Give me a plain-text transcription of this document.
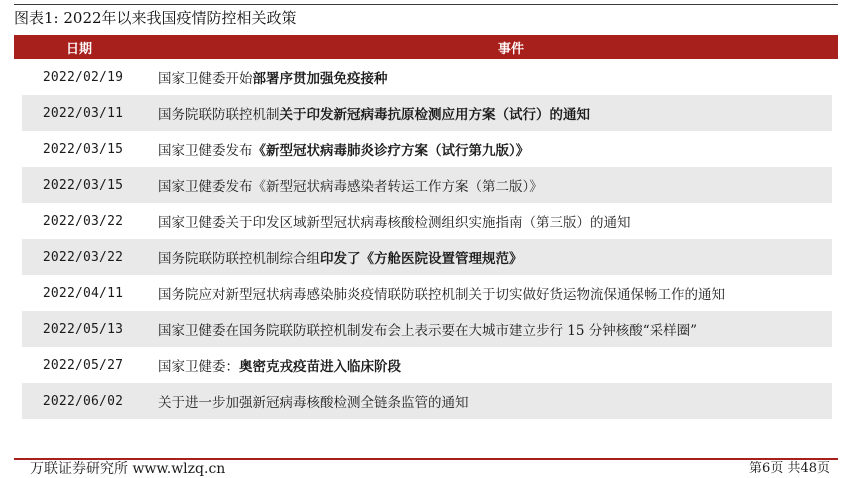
图表1: 2022年以来我国疫情防控相关政策
日期	事件
2022/02/19	国家卫健委开始部署序贯加强免疫接种
2022/03/11	国务院联防联控机制关于印发新冠病毒抗原检测应用方案（试行）的通知
2022/03/15	国家卫健委发布《新型冠状病毒肺炎诊疗方案（试行第九版）》
2022/03/15	国家卫健委发布《新型冠状病毒感染者转运工作方案（第二版）》
2022/03/22	国家卫健委关于印发区域新型冠状病毒核酸检测组织实施指南（第三版）的通知
2022/03/22	国务院联防联控机制综合组印发了《方舱医院设置管理规范》
2022/04/11	国务院应对新型冠状病毒感染肺炎疫情联防联控机制关于切实做好货运物流保通保畅工作的通知
2022/05/13	国家卫健委在国务院联防联控机制发布会上表示要在大城市建立步行 15 分钟核酸“采样圈”
2022/05/27	国家卫健委：奥密克戎疫苗进入临床阶段
2022/06/02	关于进一步加强新冠病毒核酸检测全链条监管的通知
万联证券研究所 www.wlzq.cn	第6页 共48页
